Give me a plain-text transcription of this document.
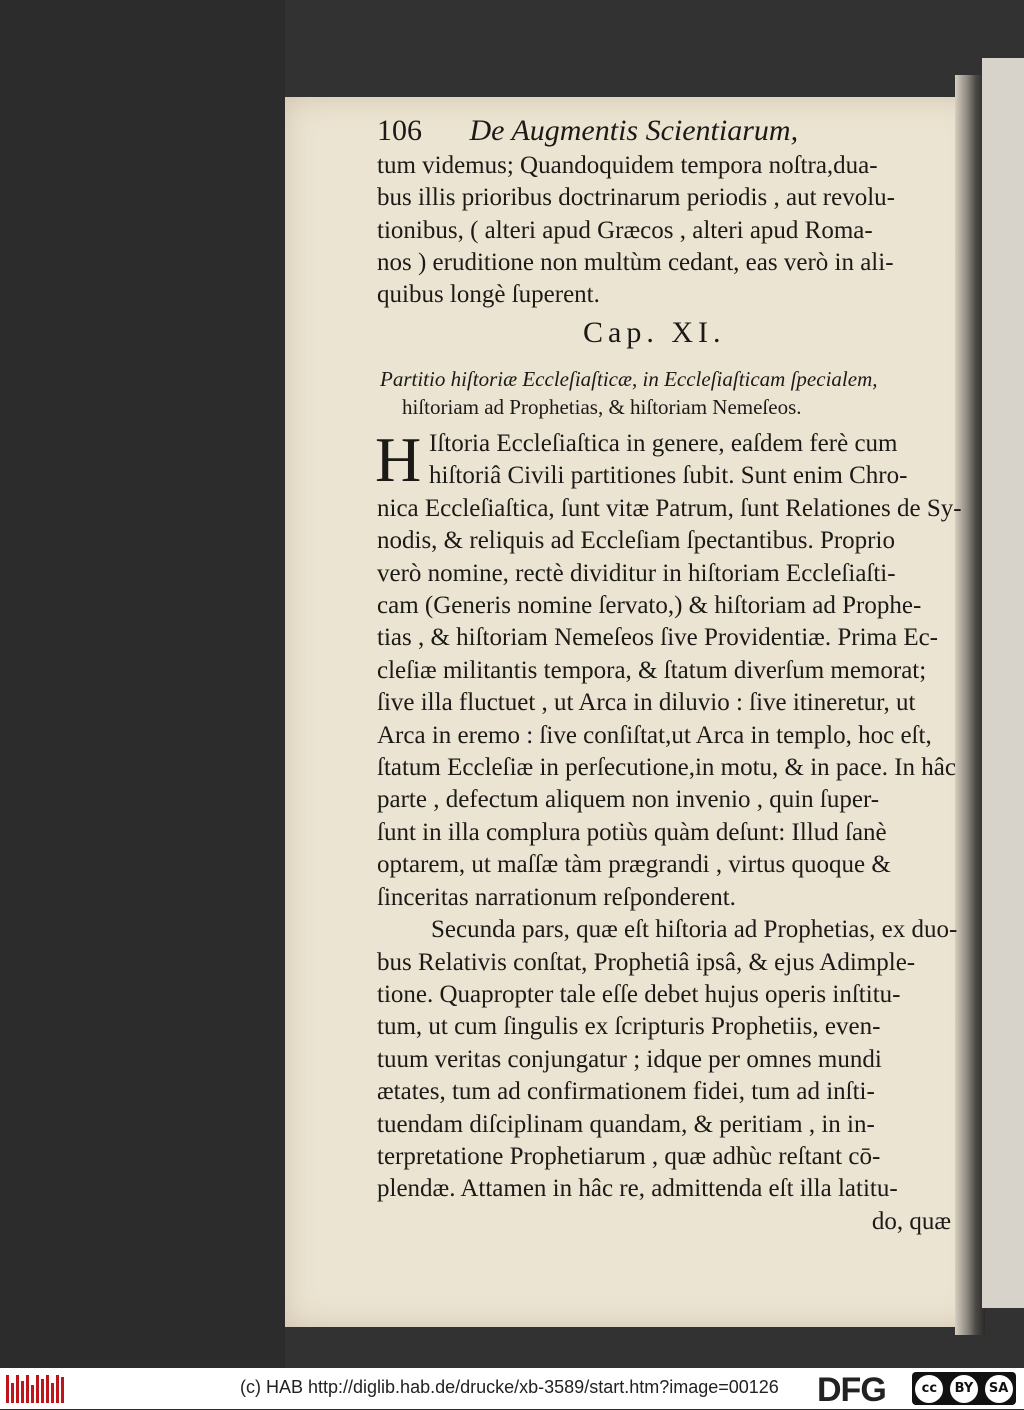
106 De Augmentis Scientiarum,
tum videmus; Quandoquidem tempora noſtra,dua-
bus illis prioribus doctrinarum periodis , aut revolu-
tionibus, ( alteri apud Græcos , alteri apud Roma-
nos ) eruditione non multùm cedant, eas verò in ali-
quibus longè ſuperent.
Cap. XI.
Partitio hiſtoriæ Eccleſiaſticæ, in Eccleſiaſticam ſpecialem,
hiſtoriam ad Prophetias, & hiſtoriam Nemeſeos.
H Iſtoria Eccleſiaſtica in genere, eaſdem ferè cum
hiſtoriâ Civili partitiones ſubit. Sunt enim Chro-
nica Eccleſiaſtica, ſunt vitæ Patrum, ſunt Relationes de Sy-
nodis, & reliquis ad Eccleſiam ſpectantibus. Proprio
verò nomine, rectè dividitur in hiſtoriam Eccleſiaſti-
cam (Generis nomine ſervato,) & hiſtoriam ad Prophe-
tias , & hiſtoriam Nemeſeos ſive Providentiæ. Prima Ec-
cleſiæ militantis tempora, & ſtatum diverſum memorat;
ſive illa fluctuet , ut Arca in diluvio : ſive itineretur, ut
Arca in eremo : ſive conſiſtat,ut Arca in templo, hoc eſt,
ſtatum Eccleſiæ in perſecutione,in motu, & in pace. In hâc
parte , defectum aliquem non invenio , quin ſuper-
ſunt in illa complura potiùs quàm deſunt: Illud ſanè
optarem, ut maſſæ tàm prægrandi , virtus quoque &
ſinceritas narrationum reſponderent.
Secunda pars, quæ eſt hiſtoria ad Prophetias, ex duo-
bus Relativis conſtat, Prophetiâ ipsâ, & ejus Adimple-
tione. Quapropter tale eſſe debet hujus operis inſtitu-
tum, ut cum ſingulis ex ſcripturis Prophetiis, even-
tuum veritas conjungatur ; idque per omnes mundi
ætates, tum ad confirmationem fidei, tum ad inſti-
tuendam diſciplinam quandam, & peritiam , in in-
terpretatione Prophetiarum , quæ adhùc reſtant cō-
plendæ. Attamen in hâc re, admittenda eſt illa latitu-
do, quæ
(c) HAB http://diglib.hab.de/drucke/xb-3589/start.htm?image=00126 DFG	cc	BY	SA
